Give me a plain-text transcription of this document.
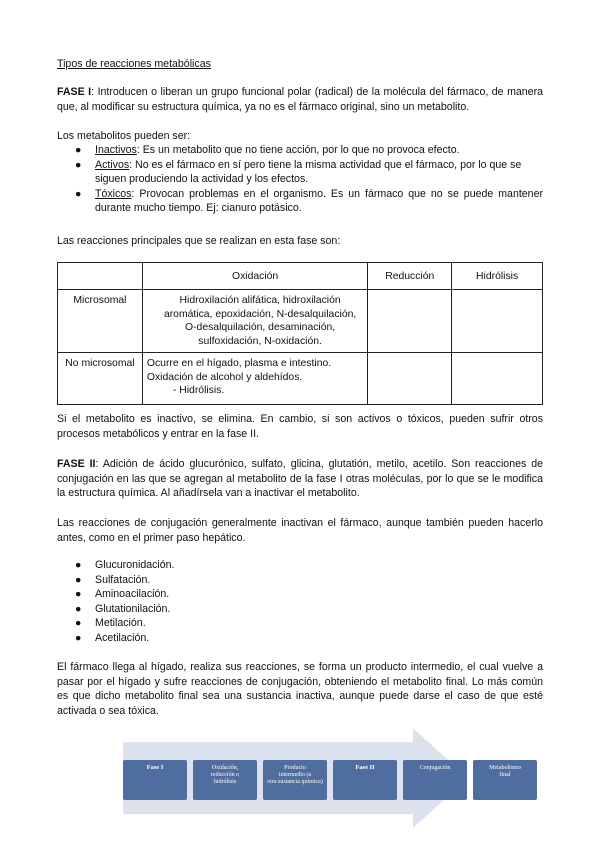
Tipos de reacciones metabólicas

FASE I: Introducen o liberan un grupo funcional polar (radical) de la molécula del fármaco, de manera que, al modificar su estructura química, ya no es el fármaco original, sino un metabolito.

Los metabolitos pueden ser:

● Inactivos: Es un metabolito que no tiene acción, por lo que no provoca efecto.
● Activos: No es el fármaco en sí pero tiene la misma actividad que el fármaco, por lo que se siguen produciendo la actividad y los efectos.
● Tóxicos: Provocan problemas en el organismo. Es un fármaco que no se puede mantener durante mucho tiempo. Ej: cianuro potásico.

Las reacciones principales que se realizan en esta fase son:

	Oxidación	Reducción	Hidrólisis
Microsomal	Hidroxilación alifática, hidroxilación aromática, epoxidación, N-desalquilación, O-desalquilación, desaminación, sulfoxidación, N-oxidación.		
No microsomal	Ocurre en el hígado, plasma e intestino.
Oxidación de alcohol y aldehídos.
- Hidrólisis.		

Si el metabolito es inactivo, se elimina. En cambio, si son activos o tóxicos, pueden sufrir otros procesos metabólicos y entrar en la fase II.

FASE II: Adición de ácido glucurónico, sulfato, glicina, glutatión, metilo, acetilo. Son reacciones de conjugación en las que se agregan al metabolito de la fase I otras moléculas, por lo que se le modifica la estructura química. Al añadírsela van a inactivar el metabolito.

Las reacciones de conjugación generalmente inactivan el fármaco, aunque también pueden hacerlo antes, como en el primer paso hepático.

● Glucuronidación.
● Sulfatación.
● Aminoacilación.
● Glutationilación.
● Metilación.
● Acetilación.

El fármaco llega al hígado, realiza sus reacciones, se forma un producto intermedio, el cual vuelve a pasar por el hígado y sufre reacciones de conjugación, obteniendo el metabolito final. Lo más común es que dicho metabolito final sea una sustancia inactiva, aunque puede darse el caso de que esté activada o sea tóxica.

Fase I	Oxidación,
reducción o
hidrólisis
Producto
intermedio (a
otra sustancia química)
Fase II	Conjugación	Metabolismo
final
